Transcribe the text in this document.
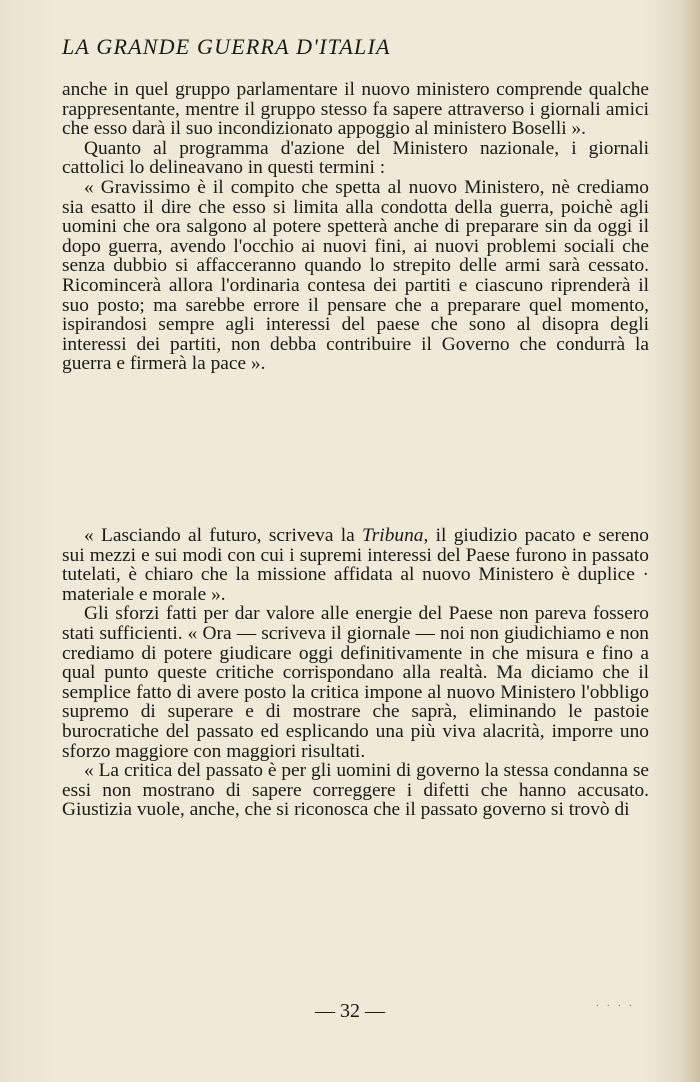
LA GRANDE GUERRA D'ITALIA

anche in quel gruppo parlamentare il nuovo ministero comprende qualche rappresentante, mentre il gruppo stesso fa sapere attraverso i giornali amici che esso darà il suo incondizionato appoggio al ministero Boselli ».

Quanto al programma d'azione del Ministero nazionale, i giornali cattolici lo delineavano in questi termini :

« Gravissimo è il compito che spetta al nuovo Ministero, nè crediamo sia esatto il dire che esso si limita alla condotta della guerra, poichè agli uomini che ora salgono al potere spetterà anche di preparare sin da oggi il dopo guerra, avendo l'occhio ai nuovi fini, ai nuovi problemi sociali che senza dubbio si affacceranno quando lo strepito delle armi sarà cessato. Ricomincerà allora l'ordinaria contesa dei partiti e ciascuno riprenderà il suo posto; ma sarebbe errore il pensare che a preparare quel momento, ispirandosi sempre agli interessi del paese che sono al disopra degli interessi dei partiti, non debba contribuire il Governo che condurrà la guerra e firmerà la pace ».

« Lasciando al futuro, scriveva la Tribuna, il giudizio pacato e sereno sui mezzi e sui modi con cui i supremi interessi del Paese furono in passato tutelati, è chiaro che la missione affidata al nuovo Ministero è duplice · materiale e morale ».

Gli sforzi fatti per dar valore alle energie del Paese non pareva fossero stati sufficienti. « Ora — scriveva il giornale — noi non giudichiamo e non crediamo di potere giudicare oggi definitivamente in che misura e fino a qual punto queste critiche corrispondano alla realtà. Ma diciamo che il semplice fatto di avere posto la critica impone al nuovo Ministero l'obbligo supremo di superare e di mostrare che saprà, eliminando le pastoie burocratiche del passato ed esplicando una più viva alacrità, imporre uno sforzo maggiore con maggiori risultati.

« La critica del passato è per gli uomini di governo la stessa condanna se essi non mostrano di sapere correggere i difetti che hanno accusato. Giustizia vuole, anche, che si riconosca che il passato governo si trovò di

— 32 —	. . . .
